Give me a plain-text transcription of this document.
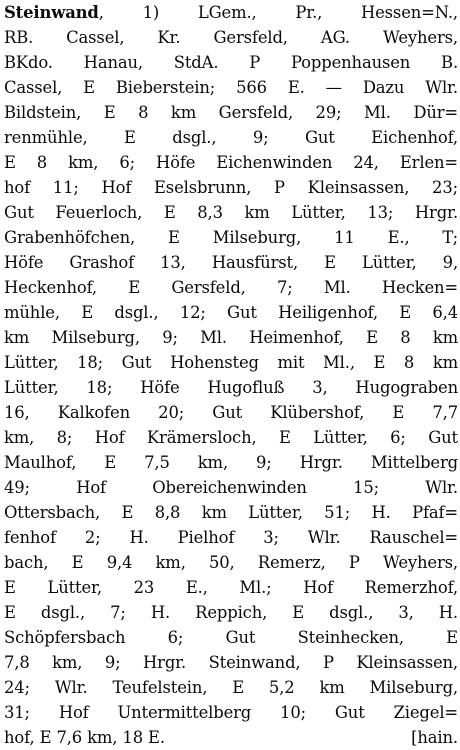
Steinwand, 1) LGem., Pr., Hessen=N.,
RB. Cassel, Kr. Gersfeld, AG. Weyhers,
BKdo. Hanau, StdA. P Poppenhausen B.
Cassel, E Bieberstein; 566 E. — Dazu Wlr.
Bildstein, E 8 km Gersfeld, 29; Ml. Dür=
renmühle, E dsgl., 9; Gut Eichenhof,
E 8 km, 6; Höfe Eichenwinden 24, Erlen=
hof 11; Hof Eselsbrunn, P Kleinsassen, 23;
Gut Feuerloch, E 8,3 km Lütter, 13; Hrgr.
Grabenhöfchen, E Milseburg, 11 E., T;
Höfe Grashof 13, Hausfürst, E Lütter, 9,
Heckenhof, E Gersfeld, 7; Ml. Hecken=
mühle, E dsgl., 12; Gut Heiligenhof, E 6,4
km Milseburg, 9; Ml. Heimenhof, E 8 km
Lütter, 18; Gut Hohensteg mit Ml., E 8 km
Lütter, 18; Höfe Hugofluß 3, Hugograben
16, Kalkofen 20; Gut Klübershof, E 7,7
km, 8; Hof Krämersloch, E Lütter, 6; Gut
Maulhof, E 7,5 km, 9; Hrgr. Mittelberg
49; Hof Obereichenwinden 15; Wlr.
Ottersbach, E 8,8 km Lütter, 51; H. Pfaf=
fenhof 2; H. Pielhof 3; Wlr. Rauschel=
bach, E 9,4 km, 50, Remerz, P Weyhers,
E Lütter, 23 E., Ml.; Hof Remerzhof,
E dsgl., 7; H. Reppich, E dsgl., 3, H.
Schöpfersbach 6; Gut Steinhecken, E
7,8 km, 9; Hrgr. Steinwand, P Kleinsassen,
24; Wlr. Teufelstein, E 5,2 km Milseburg,
31; Hof Untermittelberg 10; Gut Ziegel=
hof, E 7,6 km, 18 E.	[hain.
